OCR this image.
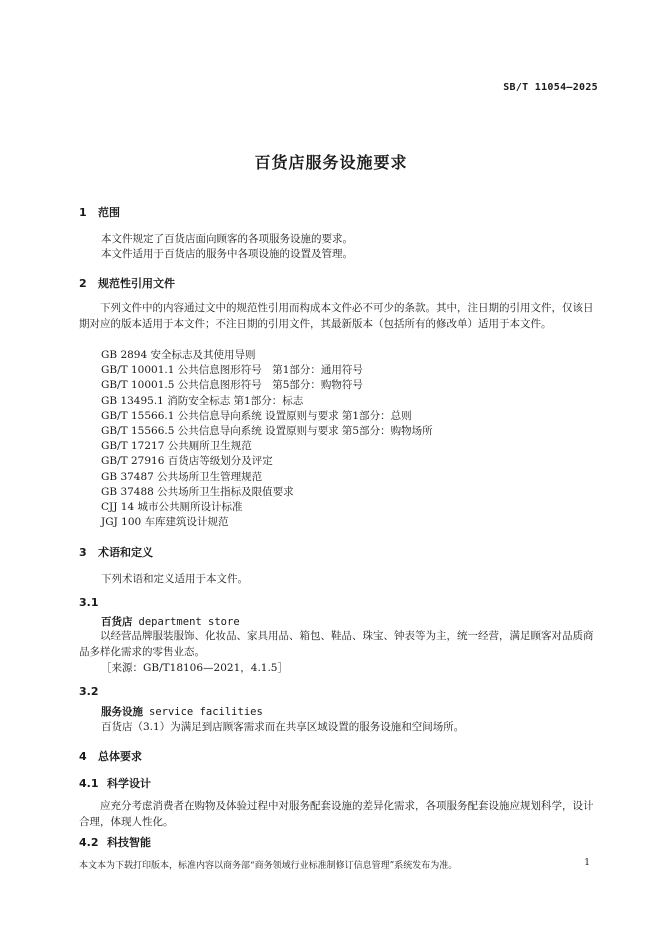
SB/T 11054—2025
百货店服务设施要求
1 范围
本文件规定了百货店面向顾客的各项服务设施的要求。
本文件适用于百货店的服务中各项设施的设置及管理。
2 规范性引用文件
下列文件中的内容通过文中的规范性引用而构成本文件必不可少的条款。其中，注日期的引用文件，仅该日期对应的版本适用于本文件；不注日期的引用文件，其最新版本（包括所有的修改单）适用于本文件。
GB 2894 安全标志及其使用导则
GB/T 10001.1 公共信息图形符号　第1部分：通用符号
GB/T 10001.5 公共信息图形符号　第5部分：购物符号
GB 13495.1 消防安全标志 第1部分：标志
GB/T 15566.1 公共信息导向系统 设置原则与要求 第1部分：总则
GB/T 15566.5 公共信息导向系统 设置原则与要求 第5部分：购物场所
GB/T 17217 公共厕所卫生规范
GB/T 27916 百货店等级划分及评定
GB 37487 公共场所卫生管理规范
GB 37488 公共场所卫生指标及限值要求
CJJ 14 城市公共厕所设计标准
JGJ 100 车库建筑设计规范
3 术语和定义
下列术语和定义适用于本文件。
3.1
百货店 department store
以经营品牌服装服饰、化妆品、家具用品、箱包、鞋品、珠宝、钟表等为主，统一经营，满足顾客对品质商品多样化需求的零售业态。
［来源：GB/T18106—2021，4.1.5］
3.2
服务设施 service facilities
百货店（3.1）为满足到店顾客需求而在共享区域设置的服务设施和空间场所。
4 总体要求
4.1 科学设计
应充分考虑消费者在购物及体验过程中对服务配套设施的差异化需求，各项服务配套设施应规划科学，设计合理，体现人性化。
4.2 科技智能
本文本为下载打印版本，标准内容以商务部“商务领域行业标准制修订信息管理”系统发布为准。	1
